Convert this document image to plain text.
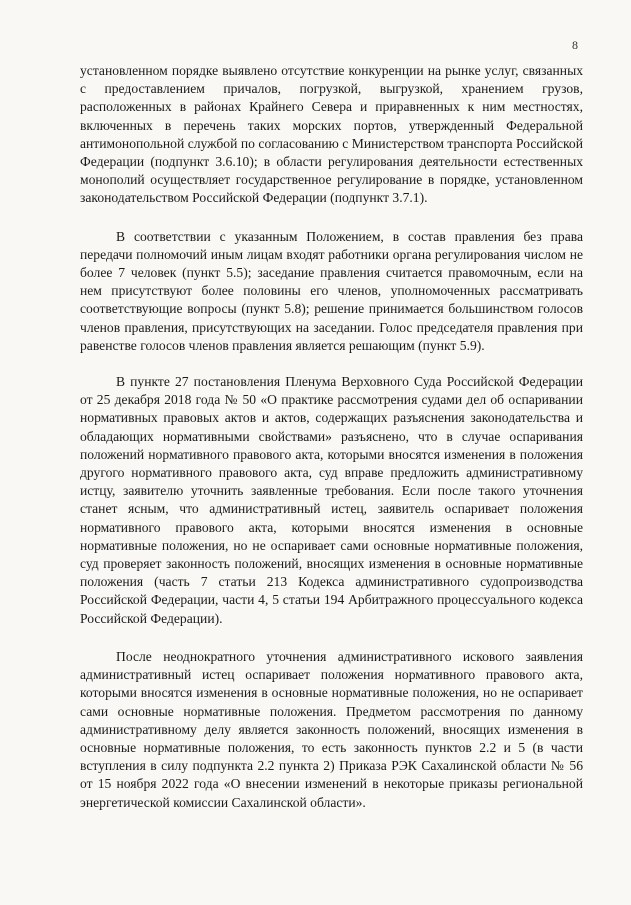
8

установленном порядке выявлено отсутствие конкуренции на рынке услуг, связанных с предоставлением причалов, погрузкой, выгрузкой, хранением грузов, расположенных в районах Крайнего Севера и приравненных к ним местностях, включенных в перечень таких морских портов, утвержденный Федеральной антимонопольной службой по согласованию с Министерством транспорта Российской Федерации (подпункт 3.6.10); в области регулирования деятельности естественных монополий осуществляет государственное регулирование в порядке, установленном законодательством Российской Федерации (подпункт 3.7.1).

В соответствии с указанным Положением, в состав правления без права передачи полномочий иным лицам входят работники органа регулирования числом не более 7 человек (пункт 5.5); заседание правления считается правомочным, если на нем присутствуют более половины его членов, уполномоченных рассматривать соответствующие вопросы (пункт 5.8); решение принимается большинством голосов членов правления, присутствующих на заседании. Голос председателя правления при равенстве голосов членов правления является решающим (пункт 5.9).

В пункте 27 постановления Пленума Верховного Суда Российской Федерации от 25 декабря 2018 года № 50 «О практике рассмотрения судами дел об оспаривании нормативных правовых актов и актов, содержащих разъяснения законодательства и обладающих нормативными свойствами» разъяснено, что в случае оспаривания положений нормативного правового акта, которыми вносятся изменения в положения другого нормативного правового акта, суд вправе предложить административному истцу, заявителю уточнить заявленные требования. Если после такого уточнения станет ясным, что административный истец, заявитель оспаривает положения нормативного правового акта, которыми вносятся изменения в основные нормативные положения, но не оспаривает сами основные нормативные положения, суд проверяет законность положений, вносящих изменения в основные нормативные положения (часть 7 статьи 213 Кодекса административного судопроизводства Российской Федерации, части 4, 5 статьи 194 Арбитражного процессуального кодекса Российской Федерации).

После неоднократного уточнения административного искового заявления административный истец оспаривает положения нормативного правового акта, которыми вносятся изменения в основные нормативные положения, но не оспаривает сами основные нормативные положения. Предметом рассмотрения по данному административному делу является законность положений, вносящих изменения в основные нормативные положения, то есть законность пунктов 2.2 и 5 (в части вступления в силу подпункта 2.2 пункта 2) Приказа РЭК Сахалинской области № 56 от 15 ноября 2022 года «О внесении изменений в некоторые приказы региональной энергетической комиссии Сахалинской области».
